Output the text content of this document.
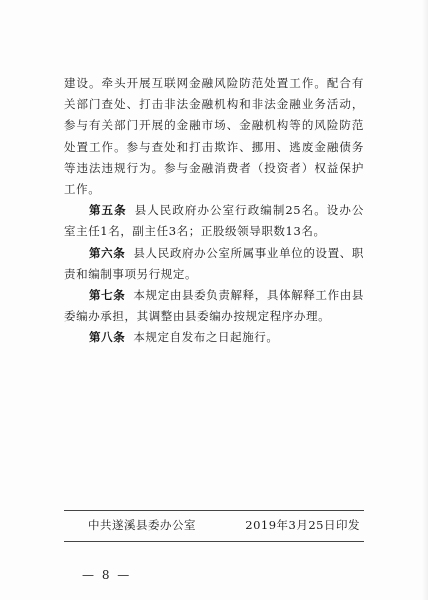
建设。牵头开展互联网金融风险防范处置工作。配合有关部门查处、打击非法金融机构和非法金融业务活动，参与有关部门开展的金融市场、金融机构等的风险防范处置工作。参与查处和打击欺诈、挪用、逃废金融债务等违法违规行为。参与金融消费者（投资者）权益保护工作。

第五条 县人民政府办公室行政编制25名。设办公室主任1名，副主任3名；正股级领导职数13名。

第六条 县人民政府办公室所属事业单位的设置、职责和编制事项另行规定。

第七条 本规定由县委负责解释，具体解释工作由县委编办承担，其调整由县委编办按规定程序办理。

第八条 本规定自发布之日起施行。

中共遂溪县委办公室	2019年3月25日印发
— 8 —
